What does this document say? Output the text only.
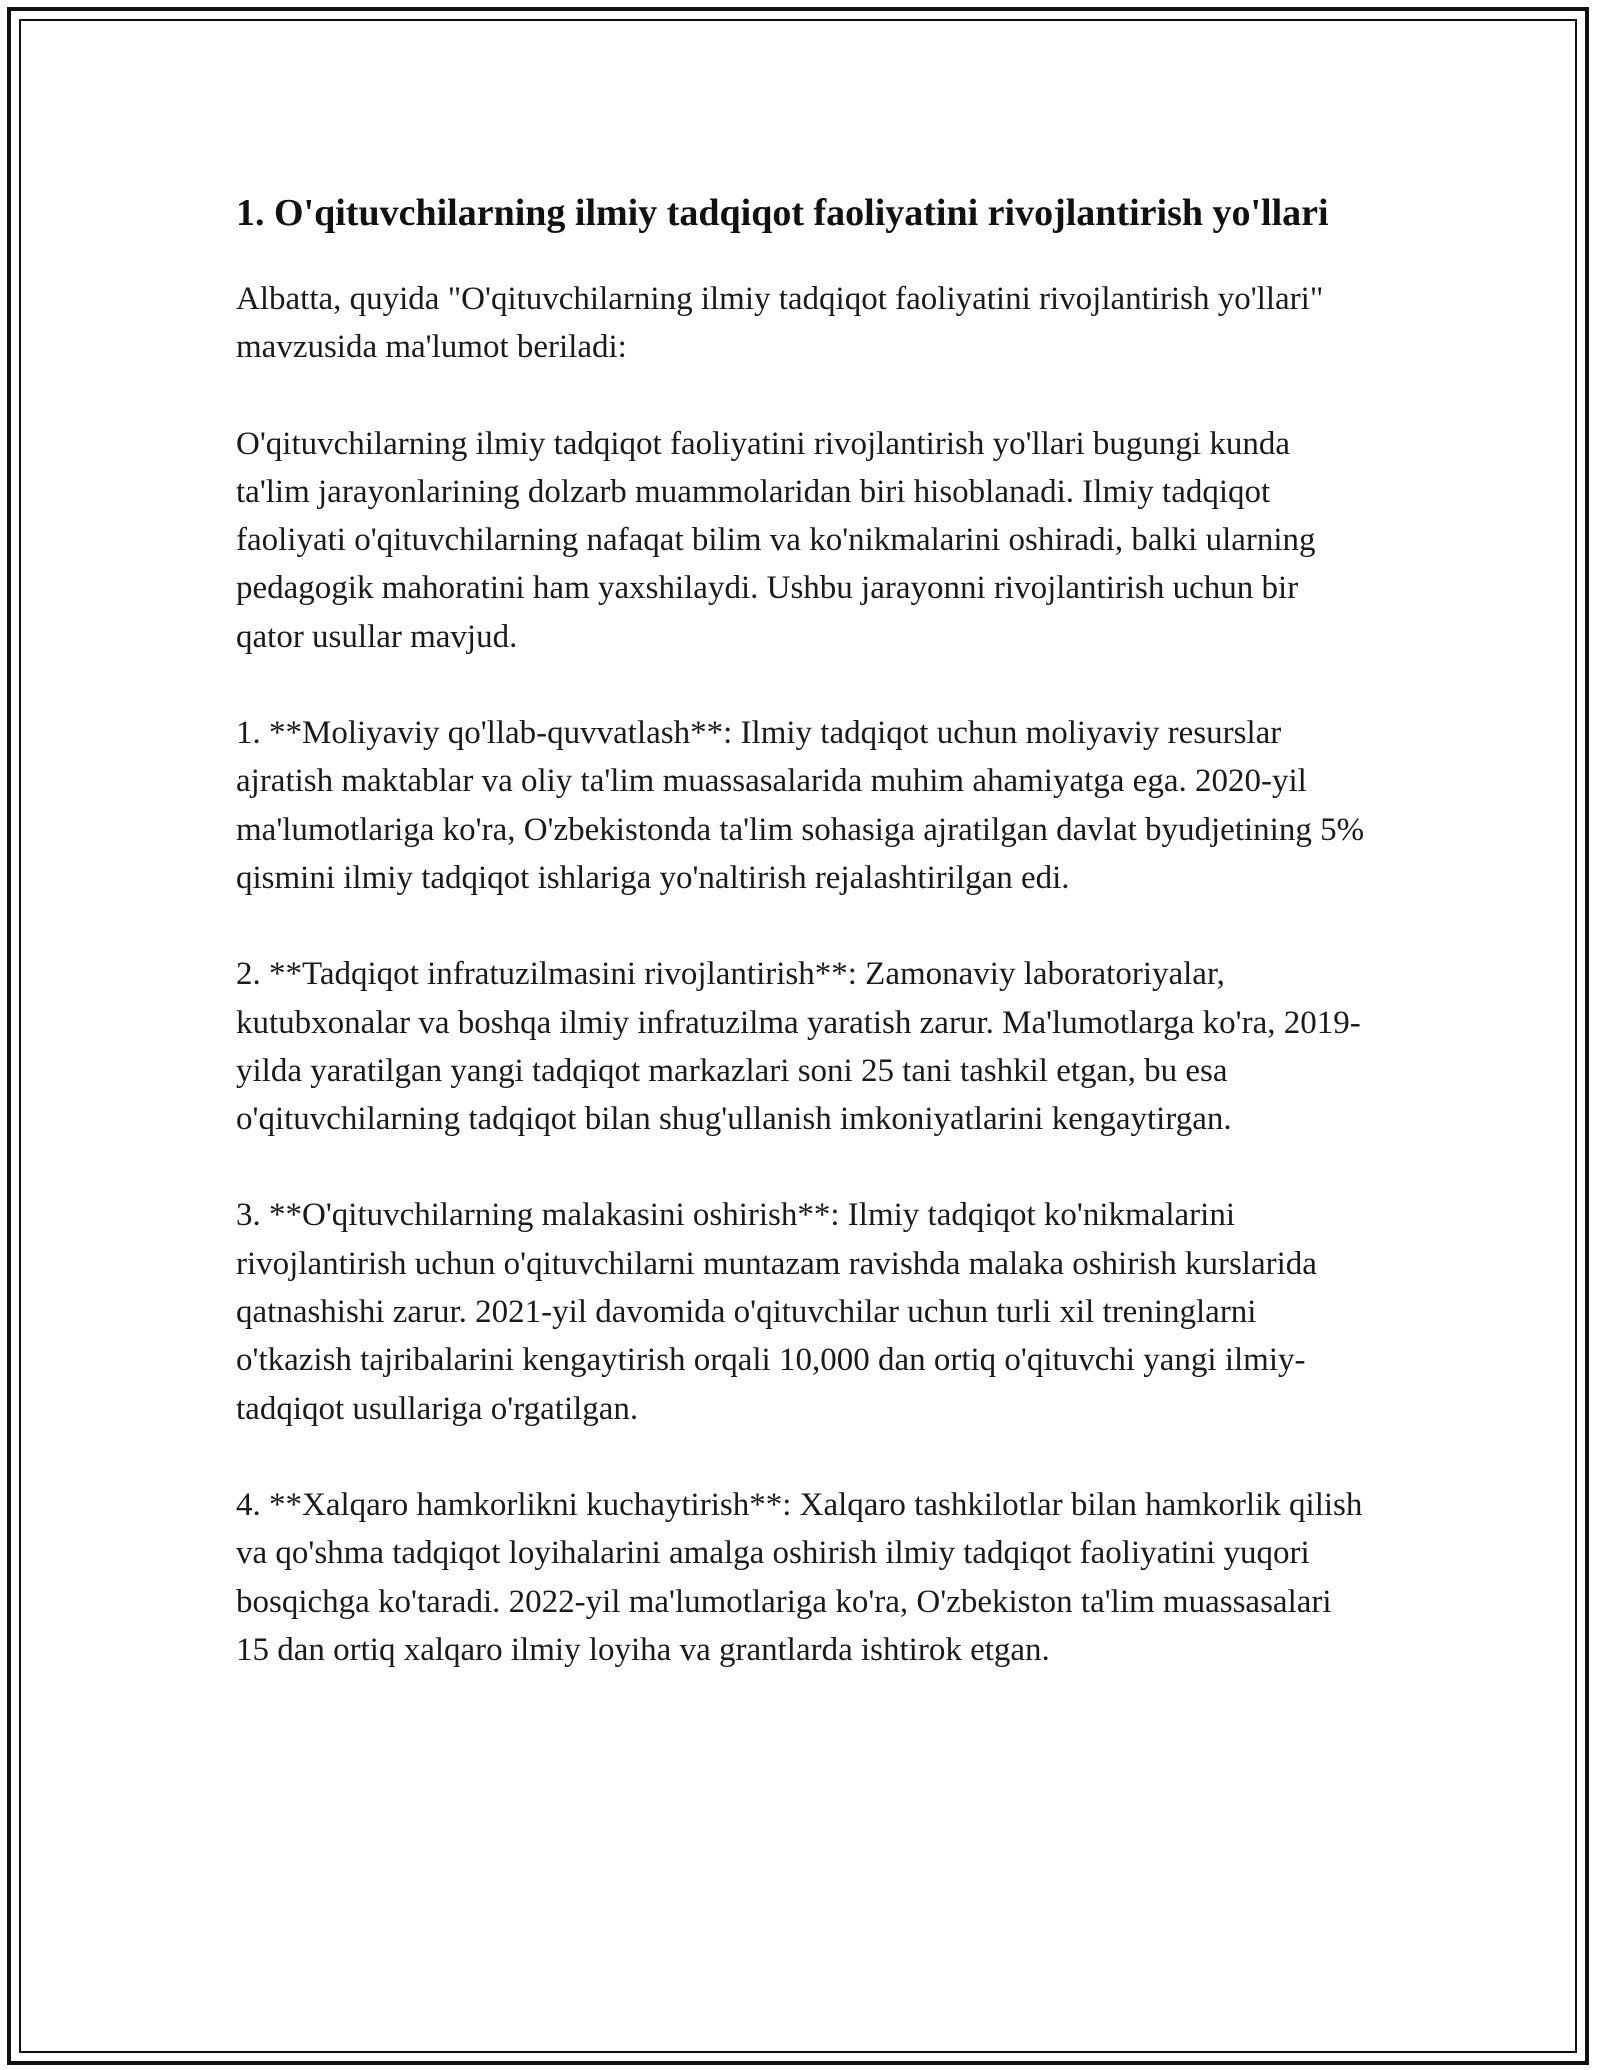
1. O'qituvchilarning ilmiy tadqiqot faoliyatini rivojlantirish yo'llari

Albatta, quyida "O'qituvchilarning ilmiy tadqiqot faoliyatini rivojlantirish yo'llari" mavzusida ma'lumot beriladi:

O'qituvchilarning ilmiy tadqiqot faoliyatini rivojlantirish yo'llari bugungi kunda ta'lim jarayonlarining dolzarb muammolaridan biri hisoblanadi. Ilmiy tadqiqot faoliyati o'qituvchilarning nafaqat bilim va ko'nikmalarini oshiradi, balki ularning pedagogik mahoratini ham yaxshilaydi. Ushbu jarayonni rivojlantirish uchun bir qator usullar mavjud.

1. **Moliyaviy qo'llab-quvvatlash**: Ilmiy tadqiqot uchun moliyaviy resurslar ajratish maktablar va oliy ta'lim muassasalarida muhim ahamiyatga ega. 2020-yil ma'lumotlariga ko'ra, O'zbekistonda ta'lim sohasiga ajratilgan davlat byudjetining 5% qismini ilmiy tadqiqot ishlariga yo'naltirish rejalashtirilgan edi.

2. **Tadqiqot infratuzilmasini rivojlantirish**: Zamonaviy laboratoriyalar, kutubxonalar va boshqa ilmiy infratuzilma yaratish zarur. Ma'lumotlarga ko'ra, 2019-yilda yaratilgan yangi tadqiqot markazlari soni 25 tani tashkil etgan, bu esa o'qituvchilarning tadqiqot bilan shug'ullanish imkoniyatlarini kengaytirgan.

3. **O'qituvchilarning malakasini oshirish**: Ilmiy tadqiqot ko'nikmalarini rivojlantirish uchun o'qituvchilarni muntazam ravishda malaka oshirish kurslarida qatnashishi zarur. 2021-yil davomida o'qituvchilar uchun turli xil treninglarni o'tkazish tajribalarini kengaytirish orqali 10,000 dan ortiq o'qituvchi yangi ilmiy-tadqiqot usullariga o'rgatilgan.

4. **Xalqaro hamkorlikni kuchaytirish**: Xalqaro tashkilotlar bilan hamkorlik qilish va qo'shma tadqiqot loyihalarini amalga oshirish ilmiy tadqiqot faoliyatini yuqori bosqichga ko'taradi. 2022-yil ma'lumotlariga ko'ra, O'zbekiston ta'lim muassasalari 15 dan ortiq xalqaro ilmiy loyiha va grantlarda ishtirok etgan.
